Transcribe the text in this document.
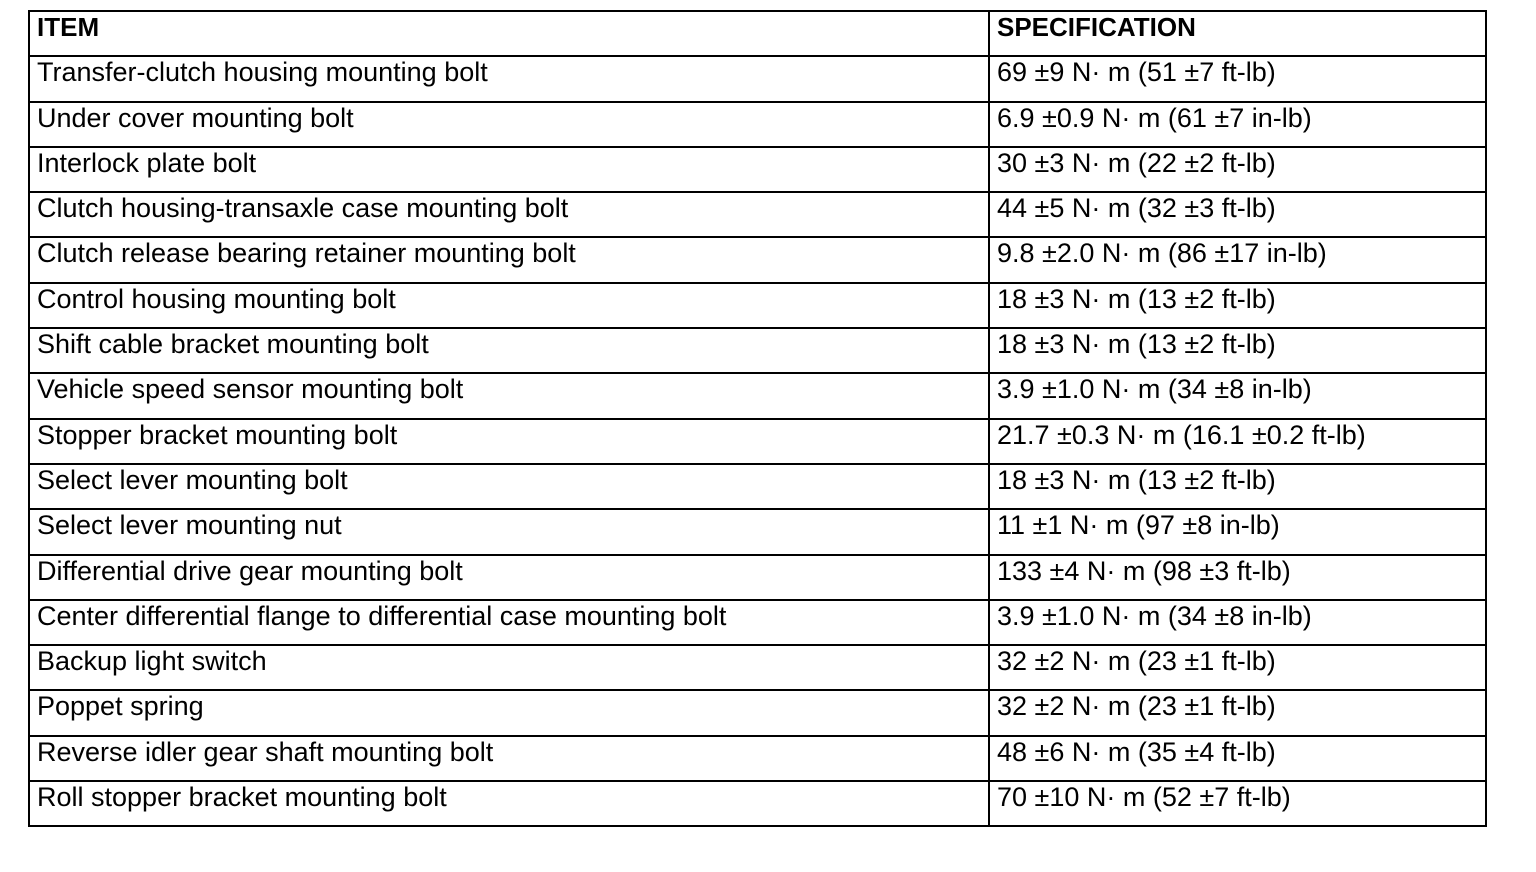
ITEM	SPECIFICATION
Transfer-clutch housing mounting bolt	69 ±9 N· m (51 ±7 ft-lb)
Under cover mounting bolt	6.9 ±0.9 N· m (61 ±7 in-lb)
Interlock plate bolt	30 ±3 N· m (22 ±2 ft-lb)
Clutch housing-transaxle case mounting bolt	44 ±5 N· m (32 ±3 ft-lb)
Clutch release bearing retainer mounting bolt	9.8 ±2.0 N· m (86 ±17 in-lb)
Control housing mounting bolt	18 ±3 N· m (13 ±2 ft-lb)
Shift cable bracket mounting bolt	18 ±3 N· m (13 ±2 ft-lb)
Vehicle speed sensor mounting bolt	3.9 ±1.0 N· m (34 ±8 in-lb)
Stopper bracket mounting bolt	21.7 ±0.3 N· m (16.1 ±0.2 ft-lb)
Select lever mounting bolt	18 ±3 N· m (13 ±2 ft-lb)
Select lever mounting nut	11 ±1 N· m (97 ±8 in-lb)
Differential drive gear mounting bolt	133 ±4 N· m (98 ±3 ft-lb)
Center differential flange to differential case mounting bolt	3.9 ±1.0 N· m (34 ±8 in-lb)
Backup light switch	32 ±2 N· m (23 ±1 ft-lb)
Poppet spring	32 ±2 N· m (23 ±1 ft-lb)
Reverse idler gear shaft mounting bolt	48 ±6 N· m (35 ±4 ft-lb)
Roll stopper bracket mounting bolt	70 ±10 N· m (52 ±7 ft-lb)
